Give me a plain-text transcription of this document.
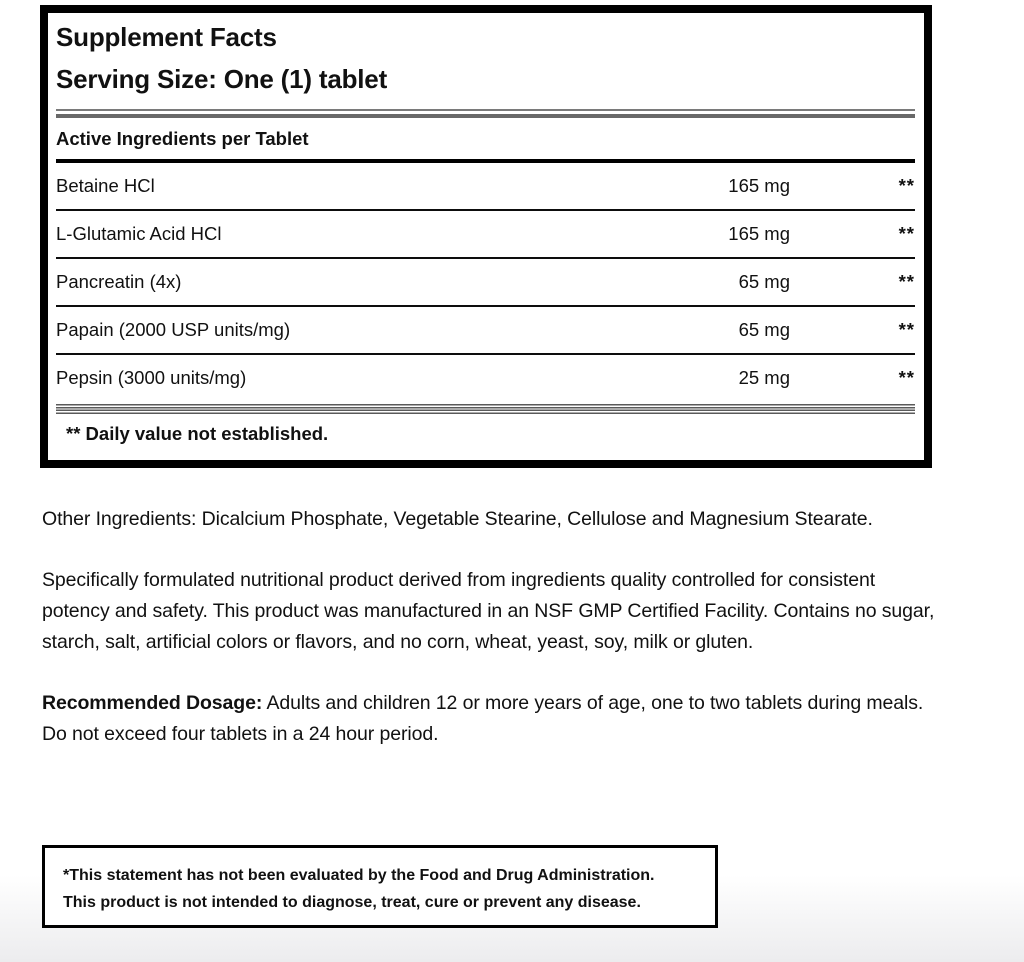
Supplement Facts
Serving Size: One (1) tablet
Active Ingredients per Tablet
Betaine HCl	165 mg	**
L-Glutamic Acid HCl	165 mg	**
Pancreatin (4x)	65 mg	**
Papain (2000 USP units/mg)	65 mg	**
Pepsin (3000 units/mg)	25 mg	**
** Daily value not established.
Other Ingredients: Dicalcium Phosphate, Vegetable Stearine, Cellulose and Magnesium Stearate.
Specifically formulated nutritional product derived from ingredients quality controlled for consistent
potency and safety. This product was manufactured in an NSF GMP Certified Facility. Contains no sugar,
starch, salt, artificial colors or flavors, and no corn, wheat, yeast, soy, milk or gluten.
Recommended Dosage: Adults and children 12 or more years of age, one to two tablets during meals.
Do not exceed four tablets in a 24 hour period.
*This statement has not been evaluated by the Food and Drug Administration.
This product is not intended to diagnose, treat, cure or prevent any disease.
